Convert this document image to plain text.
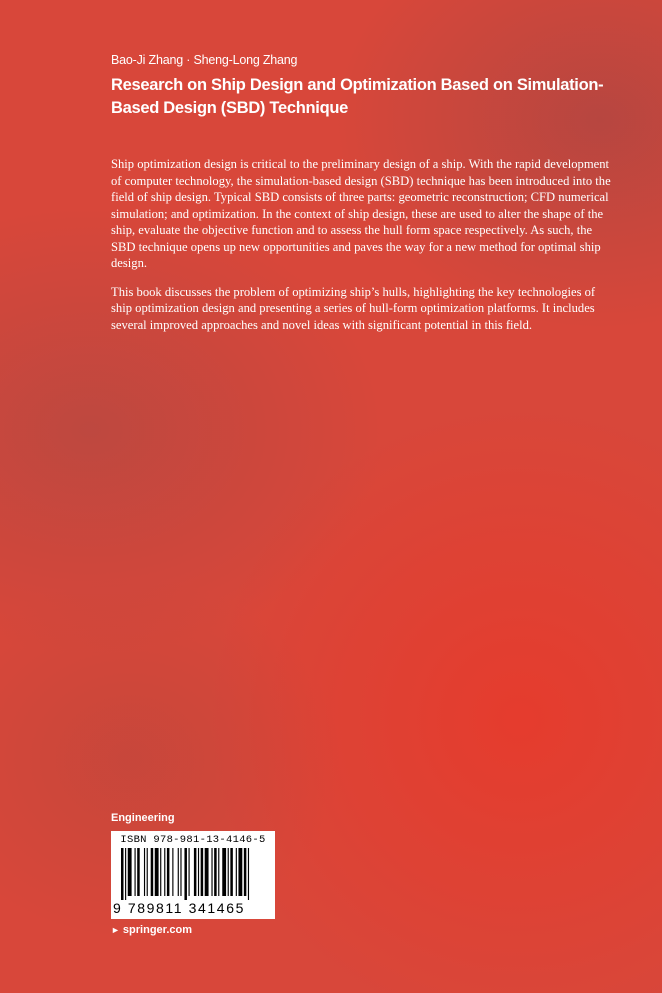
Bao-Ji Zhang · Sheng-Long Zhang
Research on Ship Design and Optimization Based on Simulation-
Based Design (SBD) Technique

Ship optimization design is critical to the preliminary design of a ship. With the rapid development of computer technology, the simulation-based design (SBD) technique has been introduced into the field of ship design. Typical SBD consists of three parts: geometric reconstruction; CFD numerical simulation; and optimization. In the context of ship design, these are used to alter the shape of the ship, evaluate the objective function and to assess the hull form space respectively. As such, the SBD technique opens up new opportunities and paves the way for a new method for optimal ship design.

This book discusses the problem of optimizing ship’s hulls, highlighting the key technologies of ship optimization design and presenting a series of hull-form optimization platforms. It includes several improved approaches and novel ideas with significant potential in this field.

Engineering
ISBN 978-981-13-4146-5
9 789811 341465
► springer.com
